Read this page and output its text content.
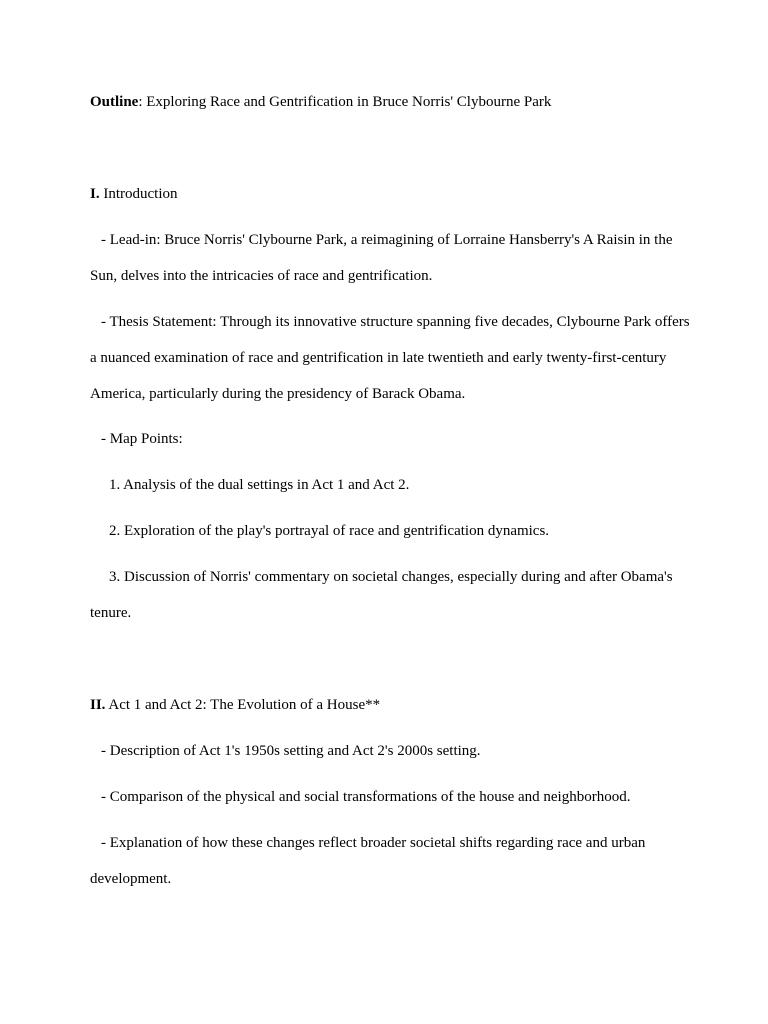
Outline: Exploring Race and Gentrification in Bruce Norris' Clybourne Park
I. Introduction
- Lead-in: Bruce Norris' Clybourne Park, a reimagining of Lorraine Hansberry's A Raisin in the Sun, delves into the intricacies of race and gentrification.
- Thesis Statement: Through its innovative structure spanning five decades, Clybourne Park offers a nuanced examination of race and gentrification in late twentieth and early twenty-first-century America, particularly during the presidency of Barack Obama.
- Map Points:
1. Analysis of the dual settings in Act 1 and Act 2.
2. Exploration of the play's portrayal of race and gentrification dynamics.
3. Discussion of Norris' commentary on societal changes, especially during and after Obama's tenure.
II. Act 1 and Act 2: The Evolution of a House**
- Description of Act 1's 1950s setting and Act 2's 2000s setting.
- Comparison of the physical and social transformations of the house and neighborhood.
- Explanation of how these changes reflect broader societal shifts regarding race and urban development.
